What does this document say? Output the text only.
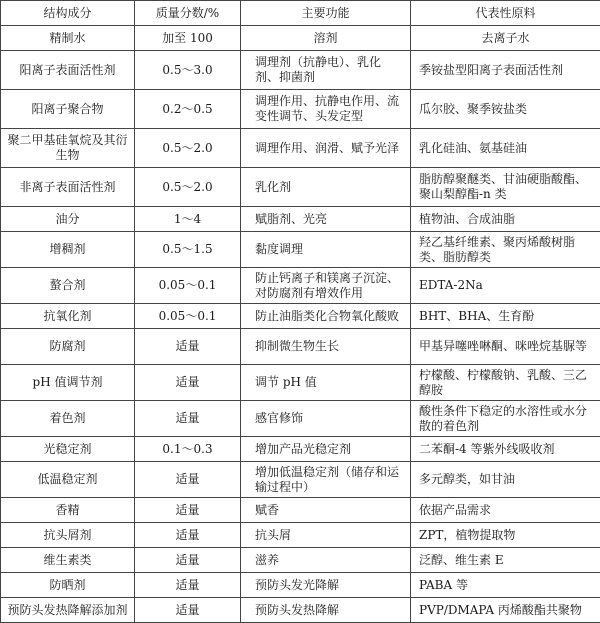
结构成分	质量分数/%	主要功能	代表性原料
精制水	加至 100	溶剂	去离子水
阳离子表面活性剂	0.5～3.0	调理剂（抗静电）、乳化剂、抑菌剂	季铵盐型阳离子表面活性剂
阳离子聚合物	0.2～0.5	调理作用、抗静电作用、流变性调节、头发定型	瓜尔胶、聚季铵盐类
聚二甲基硅氧烷及其衍生物	0.5～2.0	调理作用、润滑、赋予光泽	乳化硅油、氨基硅油
非离子表面活性剂	0.5～2.0	乳化剂	脂肪醇聚醚类、甘油硬脂酸酯、聚山梨醇酯-n 类
油分	1～4	赋脂剂、光亮	植物油、合成油脂
增稠剂	0.5～1.5	黏度调理	羟乙基纤维素、聚丙烯酸树脂类、脂肪醇类
螯合剂	0.05～0.1	防止钙离子和镁离子沉淀、对防腐剂有增效作用	EDTA-2Na
抗氧化剂	0.05～0.1	防止油脂类化合物氧化酸败	BHT、BHA、生育酚
防腐剂	适量	抑制微生物生长	甲基异噻唑啉酮、咪唑烷基脲等
pH 值调节剂	适量	调节 pH 值	柠檬酸、柠檬酸钠、乳酸、三乙醇胺
着色剂	适量	感官修饰	酸性条件下稳定的水溶性或水分散的着色剂
光稳定剂	0.1～0.3	增加产品光稳定剂	二苯酮-4 等紫外线吸收剂
低温稳定剂	适量	增加低温稳定剂（储存和运输过程中）	多元醇类，如甘油
香精	适量	赋香	依据产品需求
抗头屑剂	适量	抗头屑	ZPT，植物提取物
维生素类	适量	滋养	泛醇、维生素 E
防晒剂	适量	预防头发光降解	PABA 等
预防头发热降解添加剂	适量	预防头发热降解	PVP/DMAPA 丙烯酸酯共聚物
